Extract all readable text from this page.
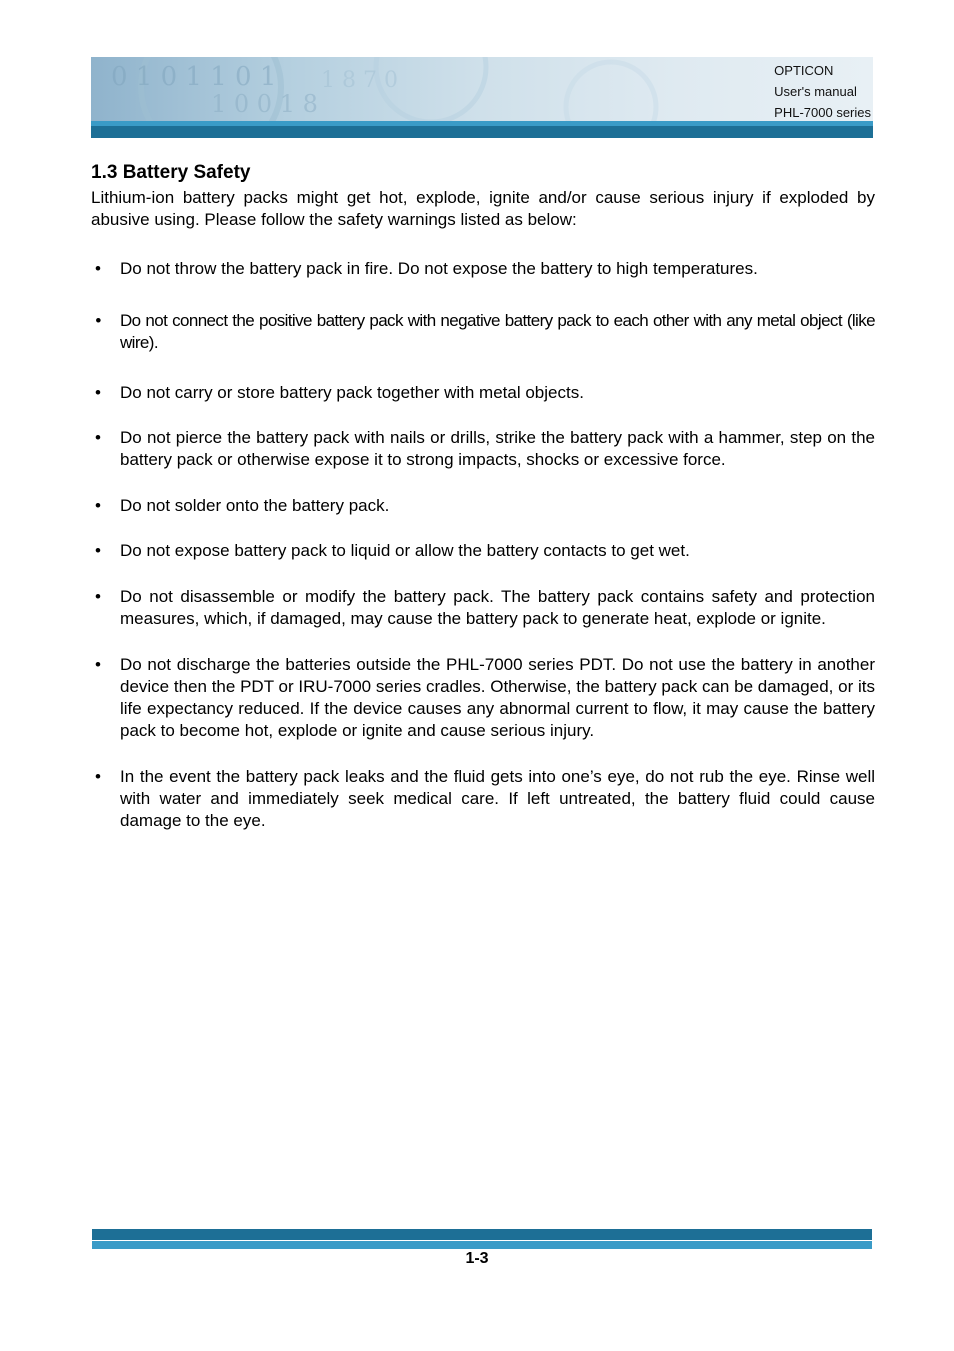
0 1 0 1 1 0 1
1 0 0 1 8
1 8 7 0	OPTICON
User's manual
PHL-7000 series
1.3 Battery Safety

Lithium-ion battery packs might get hot, explode, ignite and/or cause serious injury if exploded by abusive using. Please follow the safety warnings listed as below:

• Do not throw the battery pack in fire. Do not expose the battery to high temperatures.
• Do not connect the positive battery pack with negative battery pack to each other with any metal object (like wire).
• Do not carry or store battery pack together with metal objects.
• Do not pierce the battery pack with nails or drills, strike the battery pack with a hammer, step on the battery pack or otherwise expose it to strong impacts, shocks or excessive force.
• Do not solder onto the battery pack.
• Do not expose battery pack to liquid or allow the battery contacts to get wet.
• Do not disassemble or modify the battery pack. The battery pack contains safety and protection measures, which, if damaged, may cause the battery pack to generate heat, explode or ignite.
• Do not discharge the batteries outside the PHL-7000 series PDT. Do not use the battery in another device then the PDT or IRU-7000 series cradles. Otherwise, the battery pack can be damaged, or its life expectancy reduced. If the device causes any abnormal current to flow, it may cause the battery pack to become hot, explode or ignite and cause serious injury.
• In the event the battery pack leaks and the fluid gets into one’s eye, do not rub the eye. Rinse well with water and immediately seek medical care. If left untreated, the battery fluid could cause damage to the eye.
1-3
